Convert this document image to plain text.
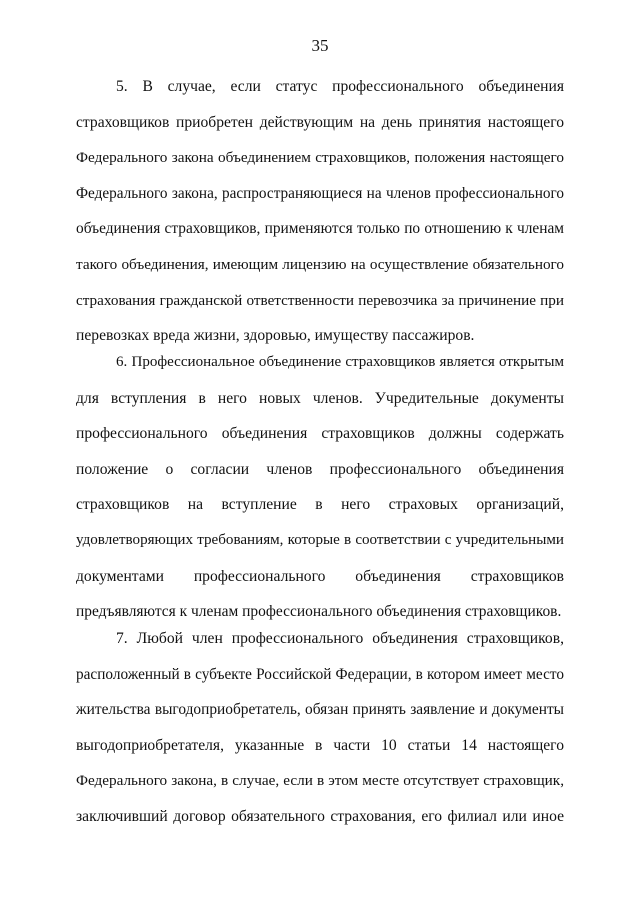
35
5. В случае, если статус профессионального объединения
страховщиков приобретен действующим на день принятия настоящего
Федерального закона объединением страховщиков, положения настоящего
Федерального закона, распространяющиеся на членов профессионального
объединения страховщиков, применяются только по отношению к членам
такого объединения, имеющим лицензию на осуществление обязательного
страхования гражданской ответственности перевозчика за причинение при
перевозках вреда жизни, здоровью, имуществу пассажиров.
6. Профессиональное объединение страховщиков является открытым
для вступления в него новых членов. Учредительные документы
профессионального объединения страховщиков должны содержать
положение о согласии членов профессионального объединения
страховщиков на вступление в него страховых организаций,
удовлетворяющих требованиям, которые в соответствии с учредительными
документами профессионального объединения страховщиков
предъявляются к членам профессионального объединения страховщиков.
7. Любой член профессионального объединения страховщиков,
расположенный в субъекте Российской Федерации, в котором имеет место
жительства выгодоприобретатель, обязан принять заявление и документы
выгодоприобретателя, указанные в части 10 статьи 14 настоящего
Федерального закона, в случае, если в этом месте отсутствует страховщик,
заключивший договор обязательного страхования, его филиал или иное
